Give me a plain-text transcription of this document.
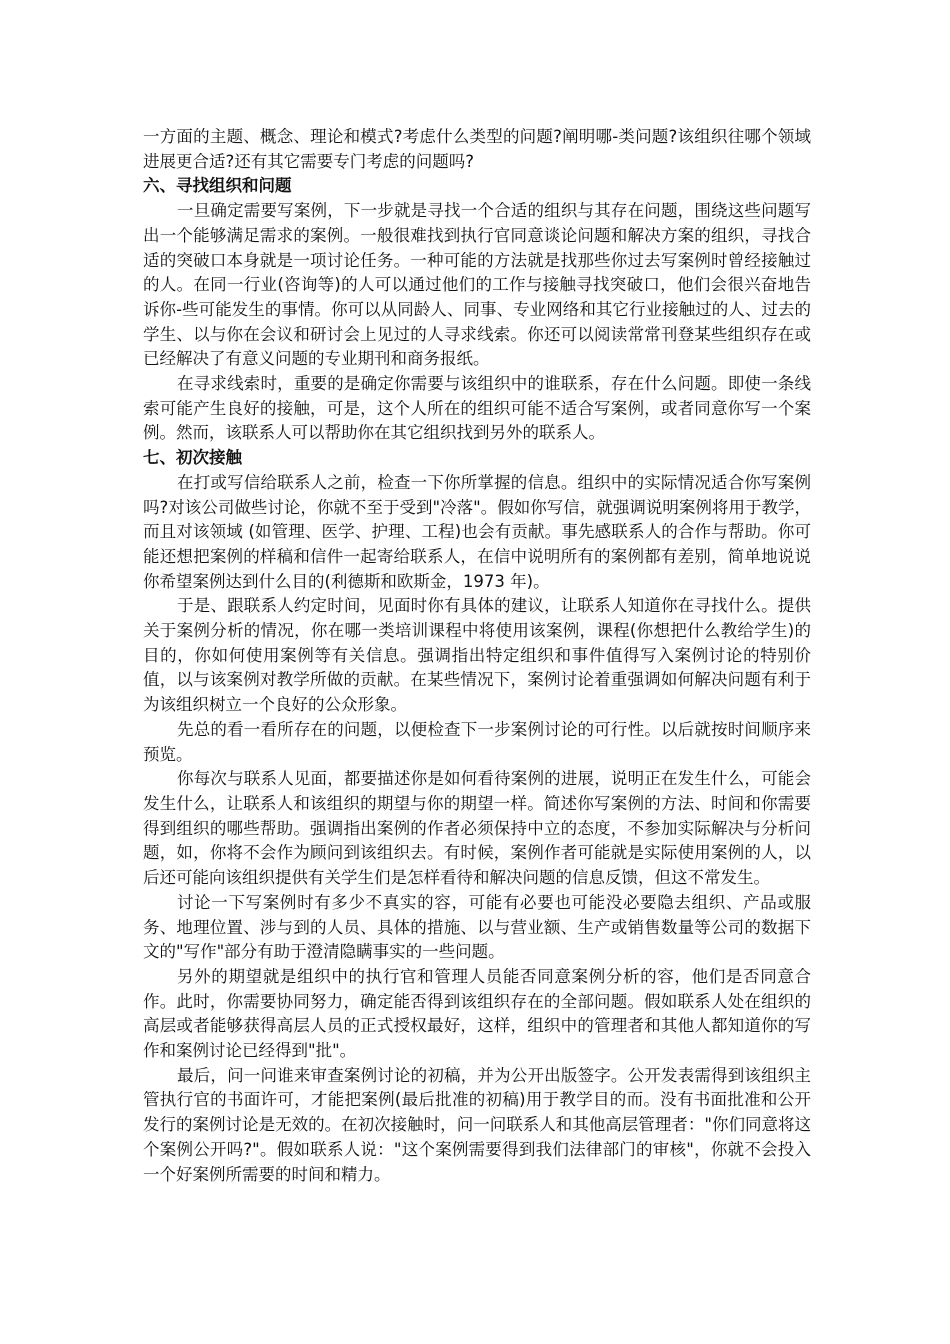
一方面的主题、概念、理论和模式?考虑什么类型的问题?阐明哪-类问题?该组织往哪个领域进展更合适?还有其它需要专门考虑的问题吗?

六、寻找组织和问题

一旦确定需要写案例，下一步就是寻找一个合适的组织与其存在问题，围绕这些问题写出一个能够满足需求的案例。一般很难找到执行官同意谈论问题和解决方案的组织，寻找合适的突破口本身就是一项讨论任务。一种可能的方法就是找那些你过去写案例时曾经接触过的人。在同一行业(咨询等)的人可以通过他们的工作与接触寻找突破口，他们会很兴奋地告诉你-些可能发生的事情。你可以从同龄人、同事、专业网络和其它行业接触过的人、过去的学生、以与你在会议和研讨会上见过的人寻求线索。你还可以阅读常常刊登某些组织存在或已经解决了有意义问题的专业期刊和商务报纸。

在寻求线索时，重要的是确定你需要与该组织中的谁联系，存在什么问题。即使一条线索可能产生良好的接触，可是，这个人所在的组织可能不适合写案例，或者同意你写一个案例。然而，该联系人可以帮助你在其它组织找到另外的联系人。

七、初次接触

在打或写信给联系人之前，检查一下你所掌握的信息。组织中的实际情况适合你写案例吗?对该公司做些讨论，你就不至于受到"冷落"。假如你写信，就强调说明案例将用于教学，而且对该领域 (如管理、医学、护理、工程)也会有贡献。事先感联系人的合作与帮助。你可能还想把案例的样稿和信件一起寄给联系人，在信中说明所有的案例都有差别，简单地说说你希望案例达到什么目的(利德斯和欧斯金，1973 年)。

于是、跟联系人约定时间，见面时你有具体的建议，让联系人知道你在寻找什么。提供关于案例分析的情况，你在哪一类培训课程中将使用该案例，课程(你想把什么教给学生)的目的，你如何使用案例等有关信息。强调指出特定组织和事件值得写入案例讨论的特别价值，以与该案例对教学所做的贡献。在某些情况下，案例讨论着重强调如何解决问题有利于为该组织树立一个良好的公众形象。

先总的看一看所存在的问题，以便检查下一步案例讨论的可行性。以后就按时间顺序来预览。

你每次与联系人见面，都要描述你是如何看待案例的进展，说明正在发生什么，可能会发生什么，让联系人和该组织的期望与你的期望一样。简述你写案例的方法、时间和你需要得到组织的哪些帮助。强调指出案例的作者必须保持中立的态度，不参加实际解决与分析问题，如，你将不会作为顾问到该组织去。有时候，案例作者可能就是实际使用案例的人，以后还可能向该组织提供有关学生们是怎样看待和解决问题的信息反馈，但这不常发生。

讨论一下写案例时有多少不真实的容，可能有必要也可能没必要隐去组织、产品或服务、地理位置、涉与到的人员、具体的措施、以与营业额、生产或销售数量等公司的数据下文的"写作"部分有助于澄清隐瞒事实的一些问题。

另外的期望就是组织中的执行官和管理人员能否同意案例分析的容，他们是否同意合作。此时，你需要协同努力，确定能否得到该组织存在的全部问题。假如联系人处在组织的高层或者能够获得高层人员的正式授权最好，这样，组织中的管理者和其他人都知道你的写作和案例讨论已经得到"批"。

最后，问一问谁来审查案例讨论的初稿，并为公开出版签字。公开发表需得到该组织主管执行官的书面许可，才能把案例(最后批准的初稿)用于教学目的而。没有书面批准和公开发行的案例讨论是无效的。在初次接触时，问一问联系人和其他高层管理者："你们同意将这个案例公开吗?"。假如联系人说："这个案例需要得到我们法律部门的审核"，你就不会投入一个好案例所需要的时间和精力。
